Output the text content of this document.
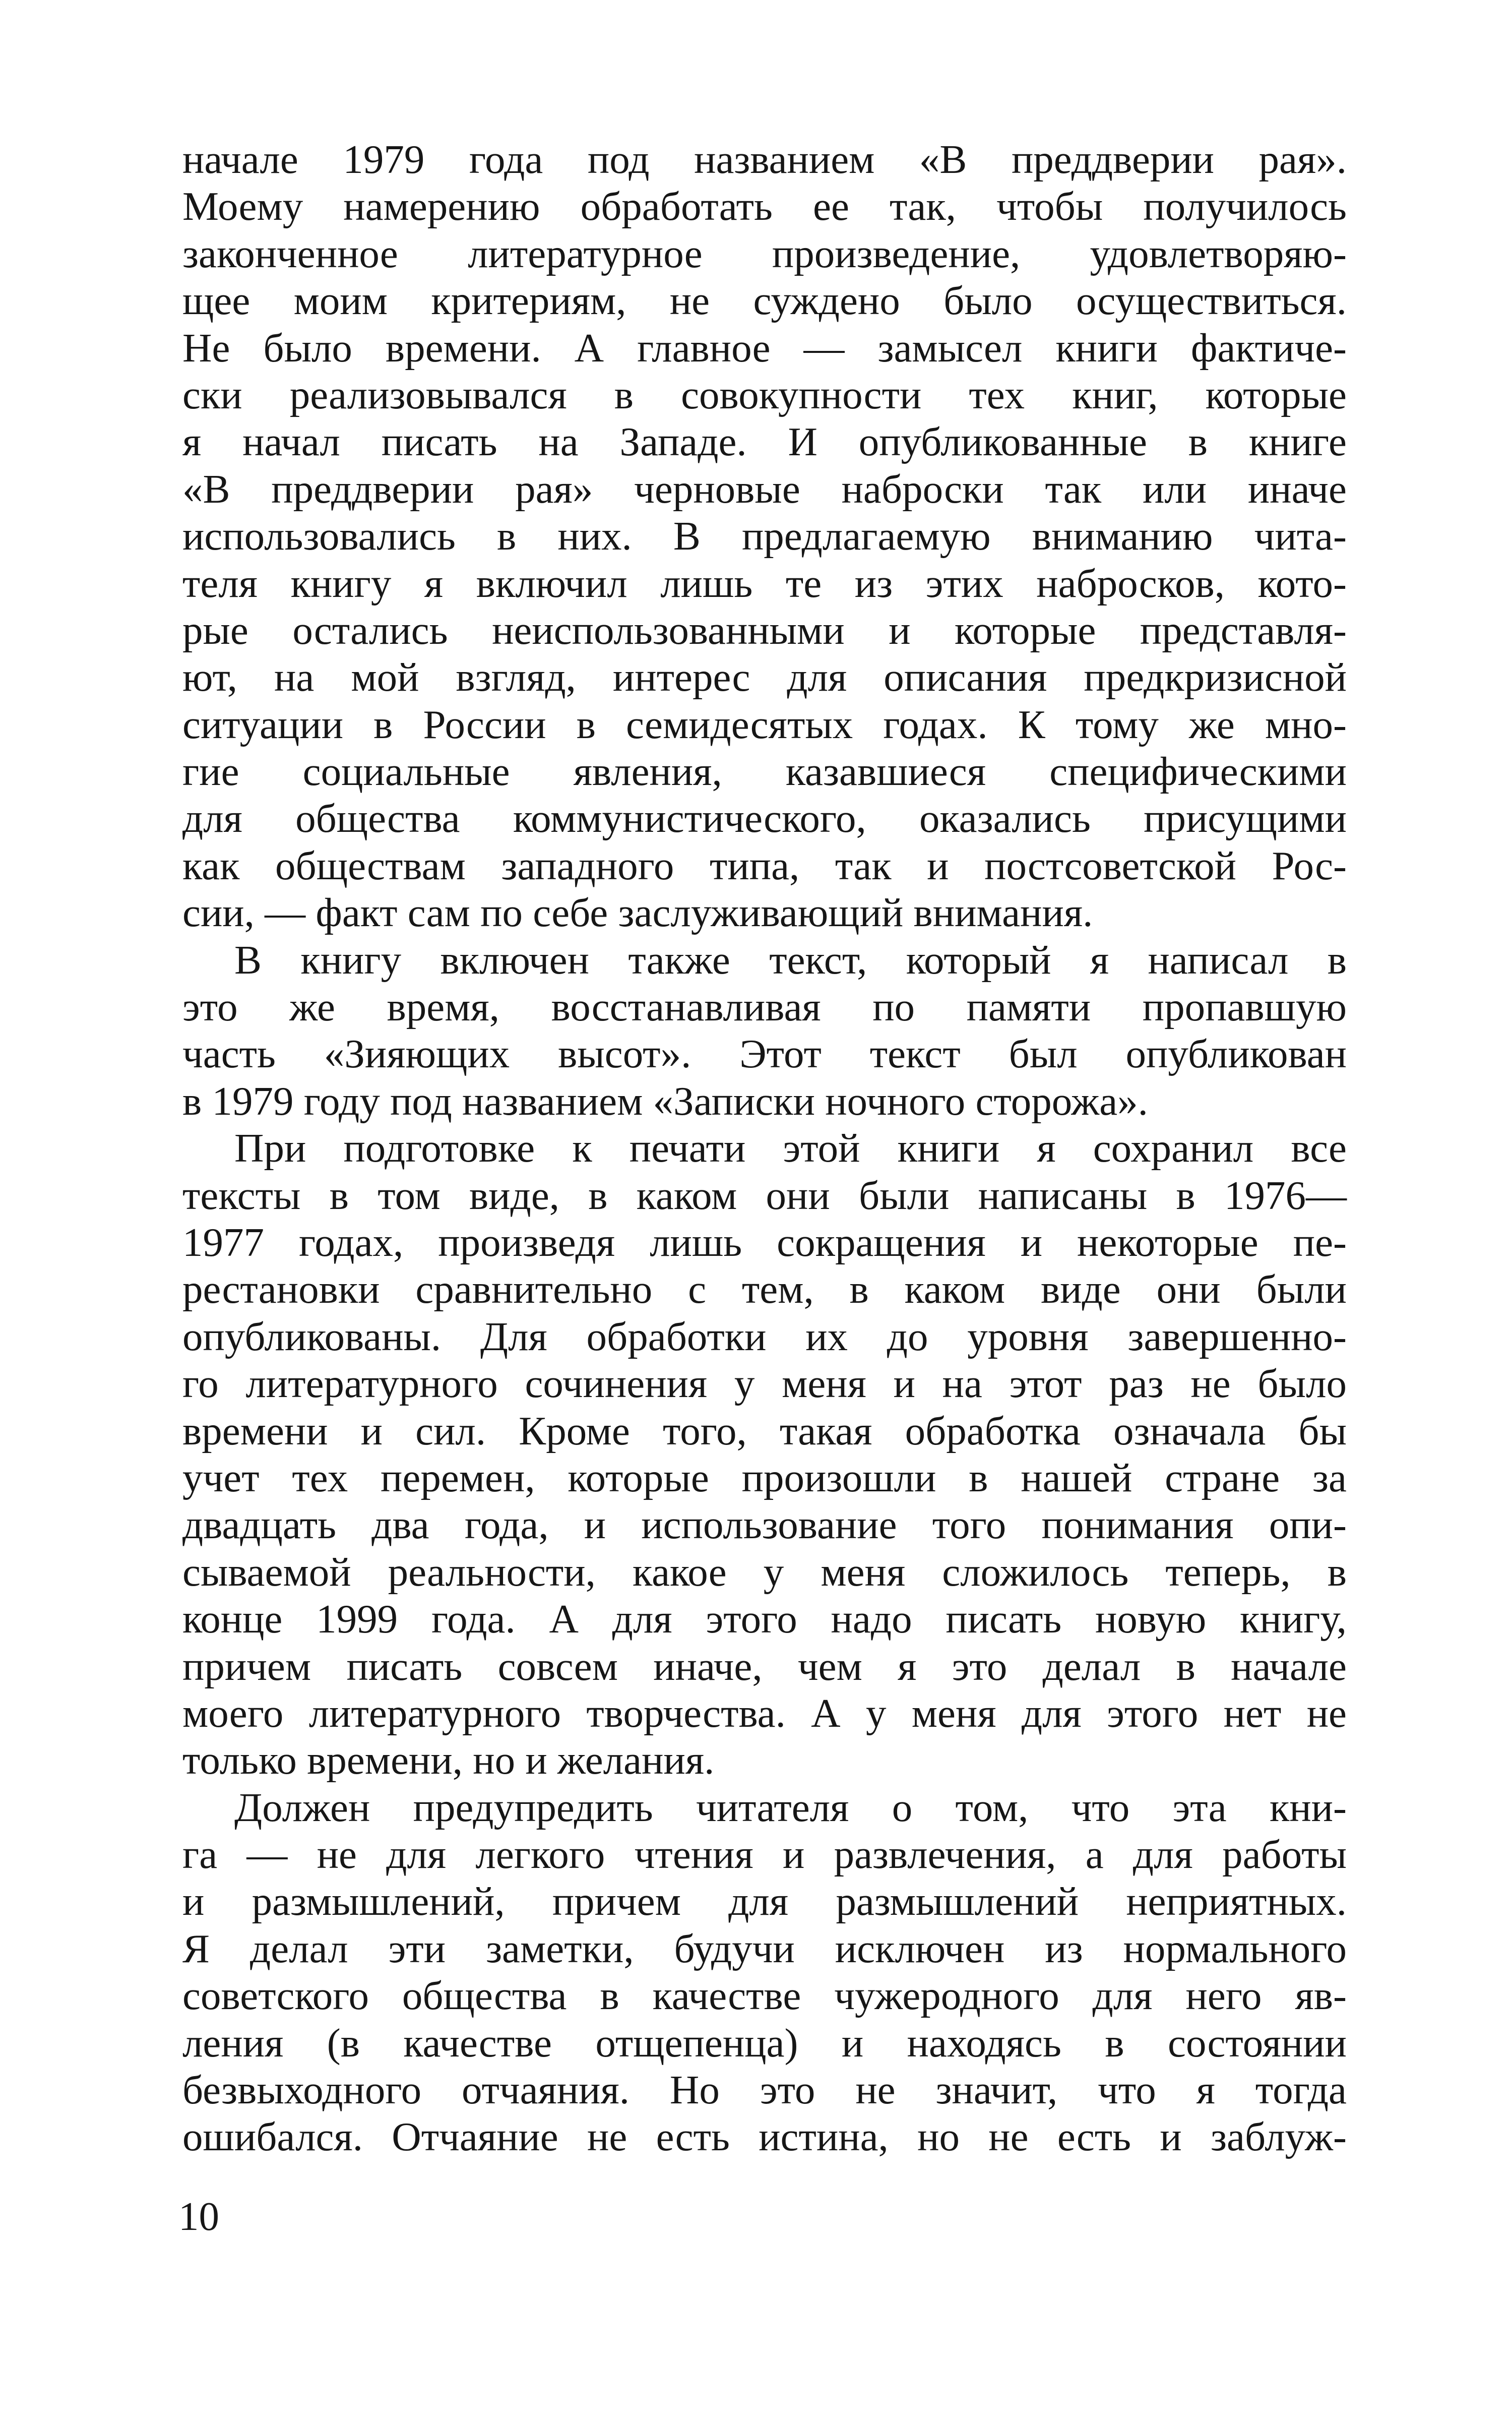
начале 1979 года под названием «В преддверии рая».
Моему намерению обработать ее так, чтобы получилось
законченное литературное произведение, удовлетворяю-
щее моим критериям, не суждено было осуществиться.
Не было времени. А главное — замысел книги фактиче-
ски реализовывался в совокупности тех книг, которые
я начал писать на Западе. И опубликованные в книге
«В преддверии рая» черновые наброски так или иначе
использовались в них. В предлагаемую вниманию чита-
теля книгу я включил лишь те из этих набросков, кото-
рые остались неиспользованными и которые представля-
ют, на мой взгляд, интерес для описания предкризисной
ситуации в России в семидесятых годах. К тому же мно-
гие социальные явления, казавшиеся специфическими
для общества коммунистического, оказались присущими
как обществам западного типа, так и постсоветской Рос-
сии, — факт сам по себе заслуживающий внимания.
В книгу включен также текст, который я написал в
это же время, восстанавливая по памяти пропавшую
часть «Зияющих высот». Этот текст был опубликован
в 1979 году под названием «Записки ночного сторожа».
При подготовке к печати этой книги я сохранил все
тексты в том виде, в каком они были написаны в 1976—
1977 годах, произведя лишь сокращения и некоторые пе-
рестановки сравнительно с тем, в каком виде они были
опубликованы. Для обработки их до уровня завершенно-
го литературного сочинения у меня и на этот раз не было
времени и сил. Кроме того, такая обработка означала бы
учет тех перемен, которые произошли в нашей стране за
двадцать два года, и использование того понимания опи-
сываемой реальности, какое у меня сложилось теперь, в
конце 1999 года. А для этого надо писать новую книгу,
причем писать совсем иначе, чем я это делал в начале
моего литературного творчества. А у меня для этого нет не
только времени, но и желания.
Должен предупредить читателя о том, что эта кни-
га — не для легкого чтения и развлечения, а для работы
и размышлений, причем для размышлений неприятных.
Я делал эти заметки, будучи исключен из нормального
советского общества в качестве чужеродного для него яв-
ления (в качестве отщепенца) и находясь в состоянии
безвыходного отчаяния. Но это не значит, что я тогда
ошибался. Отчаяние не есть истина, но не есть и заблуж-
10
